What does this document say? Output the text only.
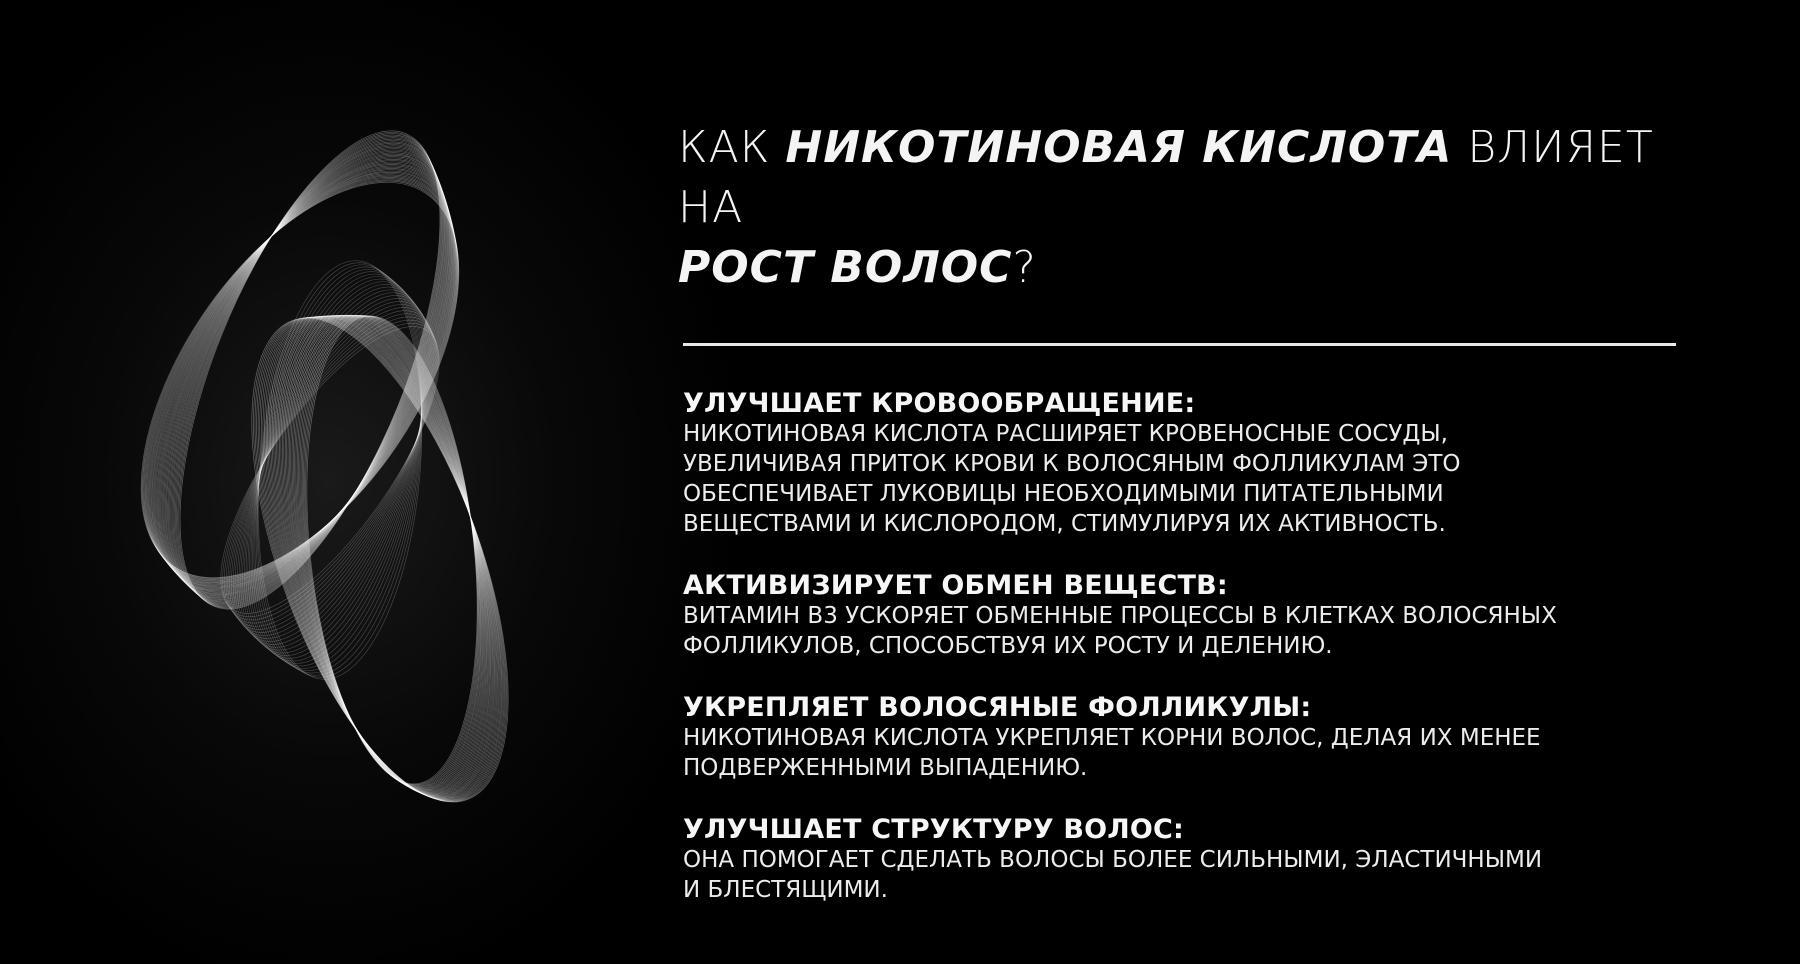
КАК НИКОТИНОВАЯ КИСЛОТА ВЛИЯЕТ НА
РОСТ ВОЛОС?
УЛУЧШАЕТ КРОВООБРАЩЕНИЕ:

НИКОТИНОВАЯ КИСЛОТА РАСШИРЯЕТ КРОВЕНОСНЫЕ СОСУДЫ,
УВЕЛИЧИВАЯ ПРИТОК КРОВИ К ВОЛОСЯНЫМ ФОЛЛИКУЛАМ ЭТО
ОБЕСПЕЧИВАЕТ ЛУКОВИЦЫ НЕОБХОДИМЫМИ ПИТАТЕЛЬНЫМИ
ВЕЩЕСТВАМИ И КИСЛОРОДОМ, СТИМУЛИРУЯ ИХ АКТИВНОСТЬ.

АКТИВИЗИРУЕТ ОБМЕН ВЕЩЕСТВ:

ВИТАМИН В3 УСКОРЯЕТ ОБМЕННЫЕ ПРОЦЕССЫ В КЛЕТКАХ ВОЛОСЯНЫХ
ФОЛЛИКУЛОВ, СПОСОБСТВУЯ ИХ РОСТУ И ДЕЛЕНИЮ.

УКРЕПЛЯЕТ ВОЛОСЯНЫЕ ФОЛЛИКУЛЫ:

НИКОТИНОВАЯ КИСЛОТА УКРЕПЛЯЕТ КОРНИ ВОЛОС, ДЕЛАЯ ИХ МЕНЕЕ
ПОДВЕРЖЕННЫМИ ВЫПАДЕНИЮ.

УЛУЧШАЕТ СТРУКТУРУ ВОЛОС:

ОНА ПОМОГАЕТ СДЕЛАТЬ ВОЛОСЫ БОЛЕЕ СИЛЬНЫМИ, ЭЛАСТИЧНЫМИ
И БЛЕСТЯЩИМИ.
